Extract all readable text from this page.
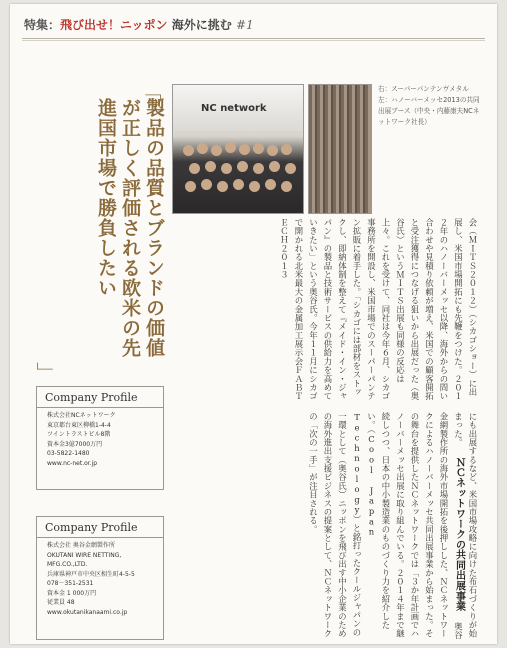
特集：飛び出せ！ニッポン 海外に挑む #1
「
製品の品質とブランドの価値が正しく評価される欧米の先進国市場で勝負したい
」
NC network
右：スーパーパンテンヴメタル　左：ハノーバーメッセ2013の共同出展ブース（中央・内藤康夫NCネットワーク社長）
会（ＭＩＴＳ２０１２）（シカゴショー）に出展し、米国市場開拓にも先鞭をつけた。２０１２年のハノーバーメッセ以降、海外からの問い合わせや見積り依頼が増え、米国での顧客開拓と受注獲得につなげる狙いから出展だった（奥谷氏）というＭＩＴＳ出展も同様の反応は上々。これを受けて、同社は今年６月、シカゴ事務所を開設し、米国市場でのスーパーパンテン拡販に着手した。「シカゴには部材をストックし、即納体制を整えて『メイド・イン・ジャパン』の製品と技術サービスの供給力を高めていきたい」という奥谷氏。今年１１月にシカゴで開かれる北米最大の金属加工展示会ＦＡＢＴＥＣＨ２０１３
にも出展するなど、米国市場攻略に向けた布石づくりが始まった。 ＮＣネットワークの共同出展事業 奥谷金網製作所の海外市場開拓を後押しした、ＮＣネットワークによるハノーバーメッセ共同出展事業から始まった。その舞台を提供したＮＣネットワークでは「３か年計画でハノーバーメッセ出展に取り組んでいる。２０１４年まで継続しつつ、日本の中小製造業のものづくり力を紹介したい。（Cool Japan Technology）と銘打ったクールジャパンの一環として（奥谷氏）ニッポンを飛び出す中小企業のための海外進出支援ビジネスの提案として、ＮＣネットワークの「次の一手」が注目される。
Company Profile
株式会社NCネットワーク
東京都台東区柳橋1-4-4
ツイントラストビル8階
資本金3億7000万円
03-5822-1480
www.nc-net.or.jp
Company Profile
株式会社 奥谷金網製作所
OKUTANI WIRE NETTING,
MFG.CO.,LTD.
兵庫県神戸市中央区相生町4-5-5
078－351-2531
資本金 1 000万円
従業員 48
www.okutanikanaami.co.jp
